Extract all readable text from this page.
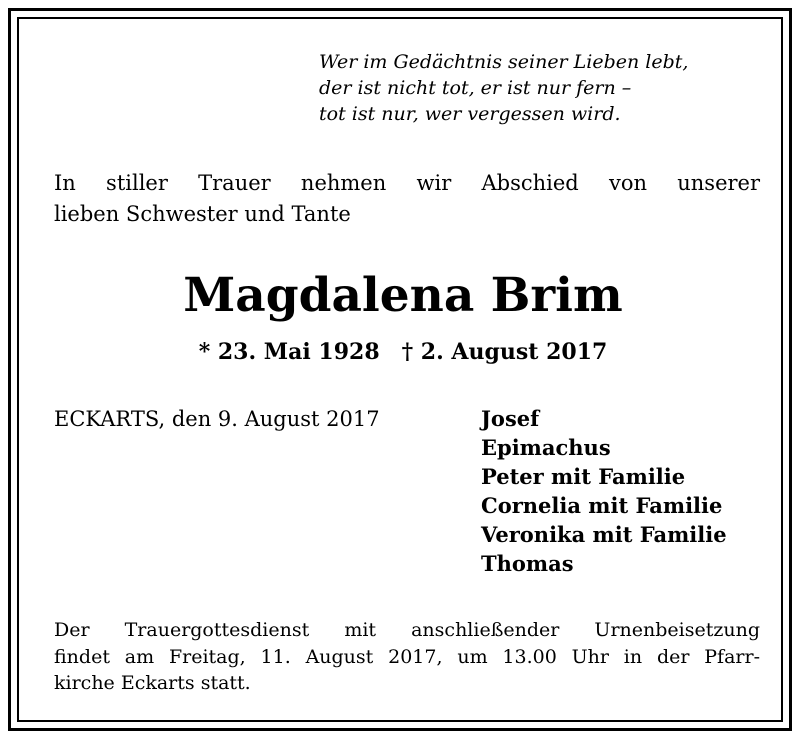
Wer im Gedächtnis seiner Lieben lebt,
der ist nicht tot, er ist nur fern –
tot ist nur, wer vergessen wird.
In stiller Trauer nehmen wir Abschied von unserer
lieben Schwester und Tante
Magdalena Brim
* 23. Mai 1928 † 2. August 2017
ECKARTS, den 9. August 2017	Josef
Epimachus
Peter mit Familie
Cornelia mit Familie
Veronika mit Familie
Thomas
Der Trauergottesdienst mit anschließender Urnenbeisetzung
findet am Freitag, 11. August 2017, um 13.00 Uhr in der Pfarr-
kirche Eckarts statt.
